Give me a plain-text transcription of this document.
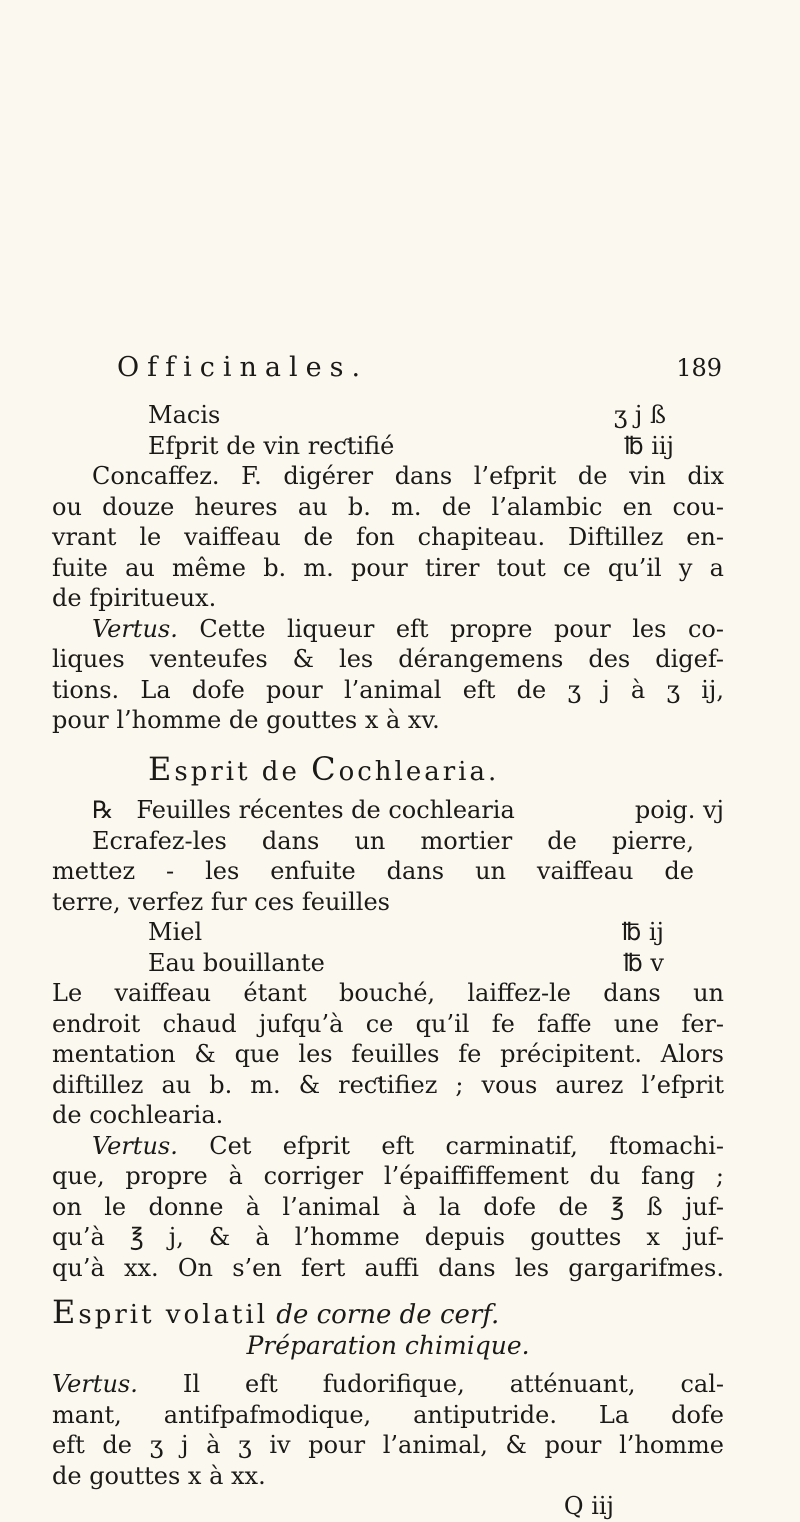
Officinales.	189
Macis	ʒ j ß
Efprit de vin reƈtifié	℔ iij
Concaffez. F. digérer dans l’efprit de vin dix
ou douze heures au b. m. de l’alambic en cou-
vrant le vaiffeau de fon chapiteau. Diftillez en-
fuite au même b. m. pour tirer tout ce qu’il y a
de fpiritueux.
Vertus. Cette liqueur eft propre pour les co-
liques venteufes & les dérangemens des digef-
tions. La dofe pour l’animal eft de ʒ j à ʒ ij,
pour l’homme de gouttes x à xv.
Esprit de Cochlearia.
℞ Feuilles récentes de cochlearia	poig. vj
Ecrafez-les dans un mortier de pierre,
mettez - les enfuite dans un vaiffeau de
terre, verfez fur ces feuilles
Miel	℔ ij
Eau bouillante	℔ v
Le vaiffeau étant bouché, laiffez-le dans un
endroit chaud jufqu’à ce qu’il fe faffe une fer-
mentation & que les feuilles fe précipitent. Alors
diftillez au b. m. & reƈtifiez ; vous aurez l’efprit
de cochlearia.
Vertus. Cet efprit eft carminatif, ftomachi-
que, propre à corriger l’épaiffiffement du fang ;
on le donne à l’animal à la dofe de ℥ ß juf-
qu’à ℥ j, & à l’homme depuis gouttes x juf-
qu’à xx. On s’en fert auffi dans les gargarifmes.
Esprit volatil de corne de cerf.
Préparation chimique.
Vertus. Il eft fudorifique, atténuant, cal-
mant, antifpafmodique, antiputride. La dofe
eft de ʒ j à ʒ iv pour l’animal, & pour l’homme
de gouttes x à xx.
Q iij
